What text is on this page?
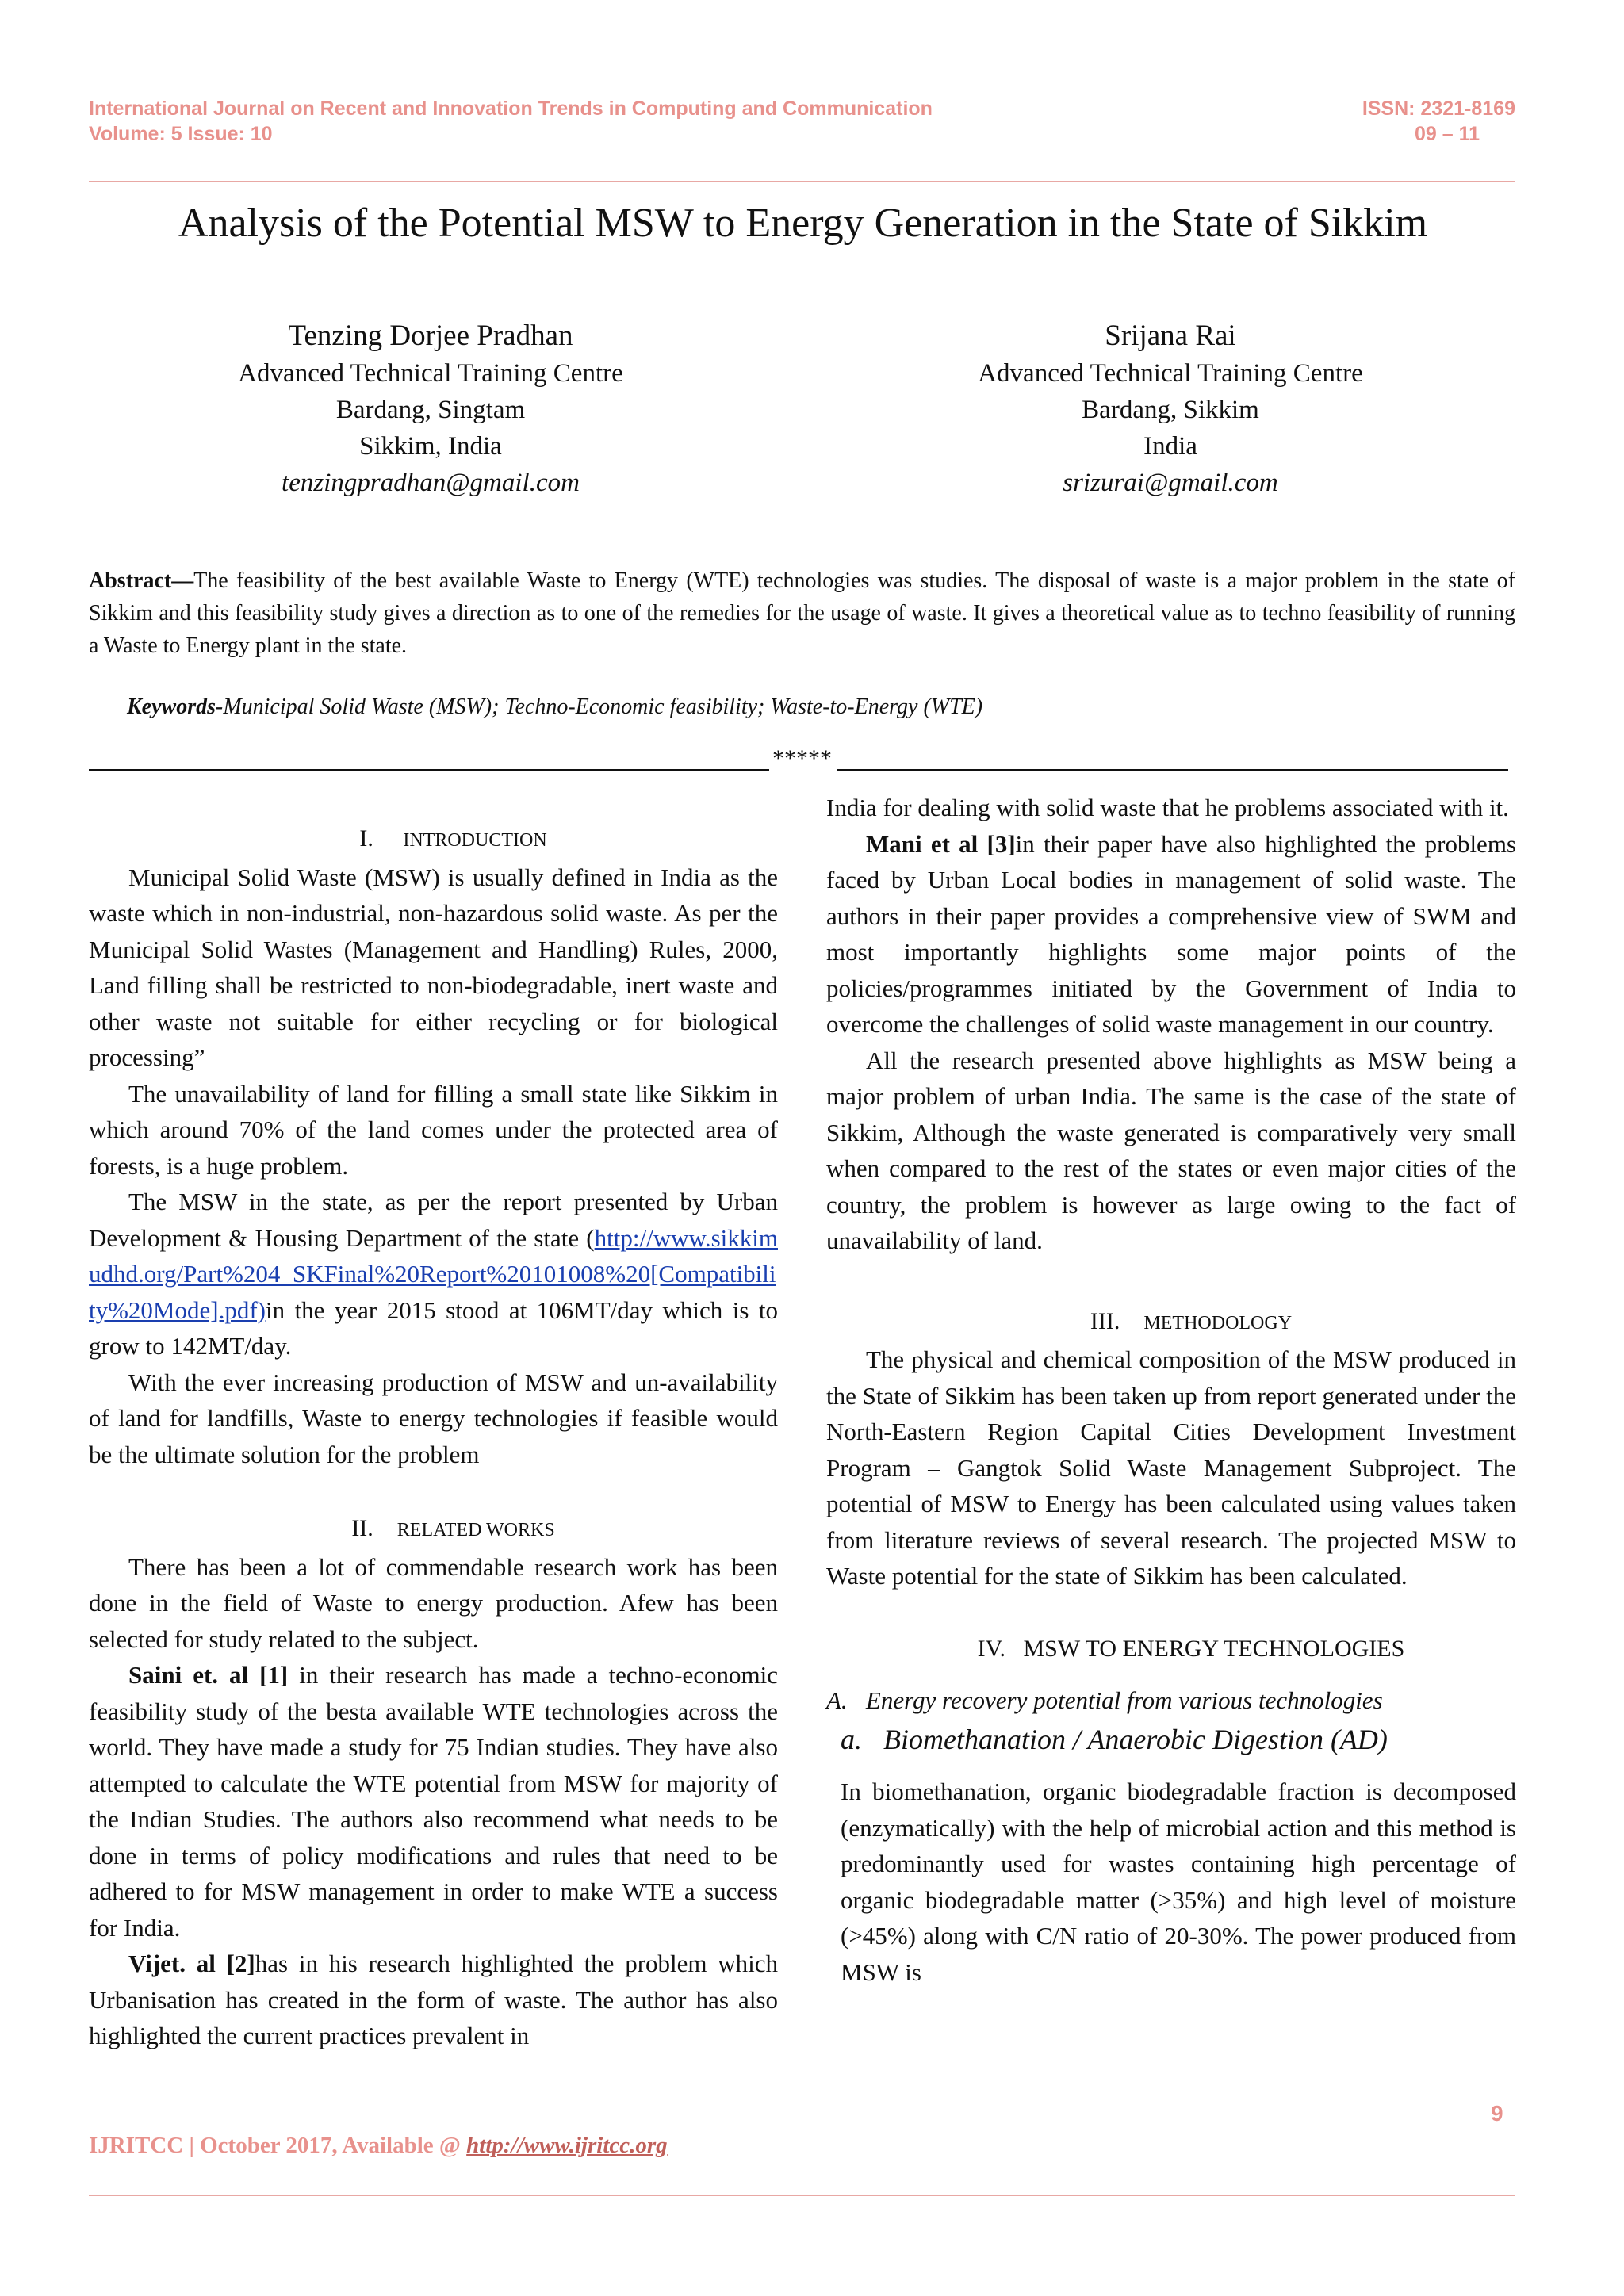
International Journal on Recent and Innovation Trends in Computing and Communication	ISSN: 2321-8169
Volume: 5 Issue: 10	09 – 11
Analysis of the Potential MSW to Energy Generation in the State of Sikkim
Tenzing Dorjee Pradhan
Advanced Technical Training Centre
Bardang, Singtam
Sikkim, India
tenzingpradhan@gmail.com
Srijana Rai
Advanced Technical Training Centre
Bardang, Sikkim
India
srizurai@gmail.com
Abstract—The feasibility of the best available Waste to Energy (WTE) technologies was studies. The disposal of waste is a major problem in the state of Sikkim and this feasibility study gives a direction as to one of the remedies for the usage of waste. It gives a theoretical value as to techno feasibility of running a Waste to Energy plant in the state.
Keywords-Municipal Solid Waste (MSW); Techno-Economic feasibility; Waste-to-Energy (WTE)
*****

I. INTRODUCTION

Municipal Solid Waste (MSW) is usually defined in India as the waste which in non-industrial, non-hazardous solid waste. As per the Municipal Solid Wastes (Management and Handling) Rules, 2000, Land filling shall be restricted to non-biodegradable, inert waste and other waste not suitable for either recycling or for biological processing”

The unavailability of land for filling a small state like Sikkim in which around 70% of the land comes under the protected area of forests, is a huge problem.

The MSW in the state, as per the report presented by Urban Development & Housing Department of the state (http://www.sikkimudhd.org/Part%204_SKFinal%20Report%20101008%20[Compatibility%20Mode].pdf)in the year 2015 stood at 106MT/day which is to grow to 142MT/day.

With the ever increasing production of MSW and un-availability of land for landfills, Waste to energy technologies if feasible would be the ultimate solution for the problem

II. RELATED WORKS

There has been a lot of commendable research work has been done in the field of Waste to energy production. Afew has been selected for study related to the subject.

Saini et. al [1] in their research has made a techno-economic feasibility study of the besta available WTE technologies across the world. They have made a study for 75 Indian studies. They have also attempted to calculate the WTE potential from MSW for majority of the Indian Studies. The authors also recommend what needs to be done in terms of policy modifications and rules that need to be adhered to for MSW management in order to make WTE a success for India.

Vijet. al [2]has in his research highlighted the problem which Urbanisation has created in the form of waste. The author has also highlighted the current practices prevalent in

India for dealing with solid waste that he problems associated with it.

Mani et al [3]in their paper have also highlighted the problems faced by Urban Local bodies in management of solid waste. The authors in their paper provides a comprehensive view of SWM and most importantly highlights some major points of the policies/programmes initiated by the Government of India to overcome the challenges of solid waste management in our country.

All the research presented above highlights as MSW being a major problem of urban India. The same is the case of the state of Sikkim, Although the waste generated is comparatively very small when compared to the rest of the states or even major cities of the country, the problem is however as large owing to the fact of unavailability of land.

III. METHODOLOGY

The physical and chemical composition of the MSW produced in the State of Sikkim has been taken up from report generated under the North-Eastern Region Capital Cities Development Investment Program – Gangtok Solid Waste Management Subproject. The potential of MSW to Energy has been calculated using values taken from literature reviews of several research. The projected MSW to Waste potential for the state of Sikkim has been calculated.

IV.   MSW TO ENERGY TECHNOLOGIES

A.   Energy recovery potential from various technologies

a.   Biomethanation / Anaerobic Digestion (AD)

In biomethanation, organic biodegradable fraction is decomposed (enzymatically) with the help of microbial action and this method is predominantly used for wastes containing high percentage of organic biodegradable matter (>35%) and high level of moisture (>45%) along with C/N ratio of 20-30%. The power produced from MSW is

9
IJRITCC | October 2017, Available @ http://www.ijritcc.org
